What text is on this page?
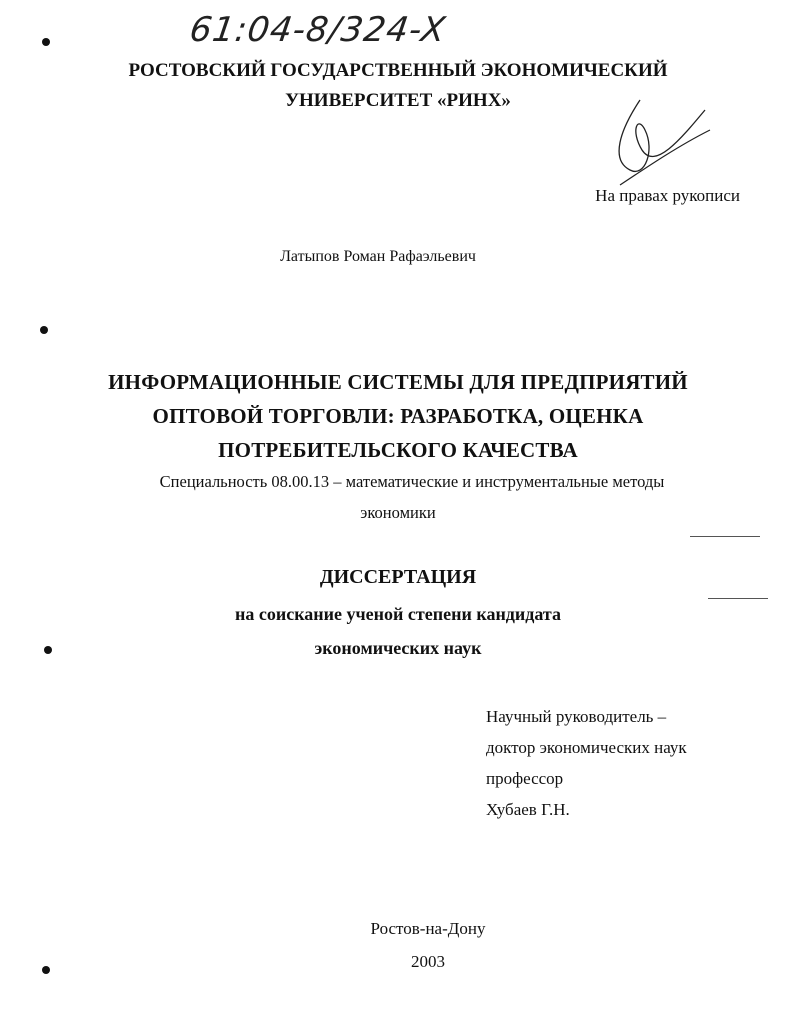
61:04-8/324-X
РОСТОВСКИЙ ГОСУДАРСТВЕННЫЙ ЭКОНОМИЧЕСКИЙ
УНИВЕРСИТЕТ «РИНХ»
На правах рукописи
Латыпов Роман Рафаэльевич
ИНФОРМАЦИОННЫЕ СИСТЕМЫ ДЛЯ ПРЕДПРИЯТИЙ
ОПТОВОЙ ТОРГОВЛИ: РАЗРАБОТКА, ОЦЕНКА
ПОТРЕБИТЕЛЬСКОГО КАЧЕСТВА
Специальность 08.00.13 – математические и инструментальные методы
экономики
ДИССЕРТАЦИЯ
на соискание ученой степени кандидата
экономических наук
Научный руководитель –
доктор экономических наук
профессор
Хубаев Г.Н.
Ростов-на-Дону
2003
